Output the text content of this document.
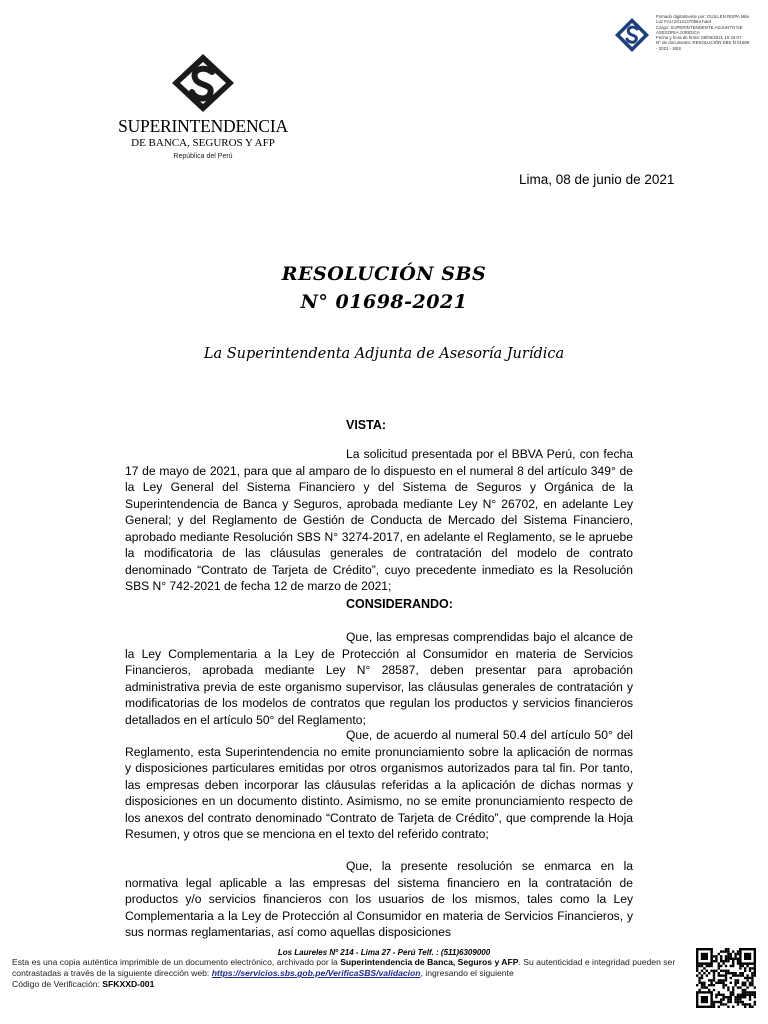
SUPERINTENDENCIA
DE BANCA, SEGUROS Y AFP
República del Perú
Firmado digitalmente por: GUILLEN RISPA Mila
Luz FAU 20131370564 hard
Cargo: SUPERINTENDENTE ADJUNTO DE
ASESORIA JURIDICA
Fecha y hora de firma: 08/06/2021 10:43:07
N° de documento: RESOLUCIÓN SBS N 01698
- 2021 - SBS
Lima, 08 de junio de 2021
RESOLUCIÓN SBS
N° 01698-2021
La Superintendenta Adjunta de Asesoría Jurídica
VISTA:
La solicitud presentada por el BBVA Perú, con fecha 17 de mayo de 2021, para que al amparo de lo dispuesto en el numeral 8 del artículo 349° de la Ley General del Sistema Financiero y del Sistema de Seguros y Orgánica de la Superintendencia de Banca y Seguros, aprobada mediante Ley N° 26702, en adelante Ley General; y del Reglamento de Gestión de Conducta de Mercado del Sistema Financiero, aprobado mediante Resolución SBS N° 3274-2017, en adelante el Reglamento, se le apruebe la modificatoria de las cláusulas generales de contratación del modelo de contrato denominado “Contrato de Tarjeta de Crédito”, cuyo precedente inmediato es la Resolución SBS N° 742-2021 de fecha 12 de marzo de 2021;
CONSIDERANDO:
Que, las empresas comprendidas bajo el alcance de la Ley Complementaria a la Ley de Protección al Consumidor en materia de Servicios Financieros, aprobada mediante Ley N° 28587, deben presentar para aprobación administrativa previa de este organismo supervisor, las cláusulas generales de contratación y modificatorias de los modelos de contratos que regulan los productos y servicios financieros detallados en el artículo 50° del Reglamento;
Que, de acuerdo al numeral 50.4 del artículo 50° del Reglamento, esta Superintendencia no emite pronunciamiento sobre la aplicación de normas y disposiciones particulares emitidas por otros organismos autorizados para tal fin. Por tanto, las empresas deben incorporar las cláusulas referidas a la aplicación de dichas normas y disposiciones en un documento distinto. Asimismo, no se emite pronunciamiento respecto de los anexos del contrato denominado “Contrato de Tarjeta de Crédito”, que comprende la Hoja Resumen, y otros que se menciona en el texto del referido contrato;
Que, la presente resolución se enmarca en la normativa legal aplicable a las empresas del sistema financiero en la contratación de productos y/o servicios financieros con los usuarios de los mismos, tales como la Ley Complementaria a la Ley de Protección al Consumidor en materia de Servicios Financieros, y sus normas reglamentarias, así como aquellas disposiciones
Los Laureles Nº 214 - Lima 27 - Perú Telf. : (511)6309000
Esta es una copia auténtica imprimible de un documento electrónico, archivado por la Superintendencia de Banca, Seguros y AFP. Su autenticidad e integridad pueden ser contrastadas a través de la siguiente dirección web: https://servicios.sbs.gob.pe/VerificaSBS/validacion, ingresando el siguiente
Código de Verificación: SFKXXD-001
